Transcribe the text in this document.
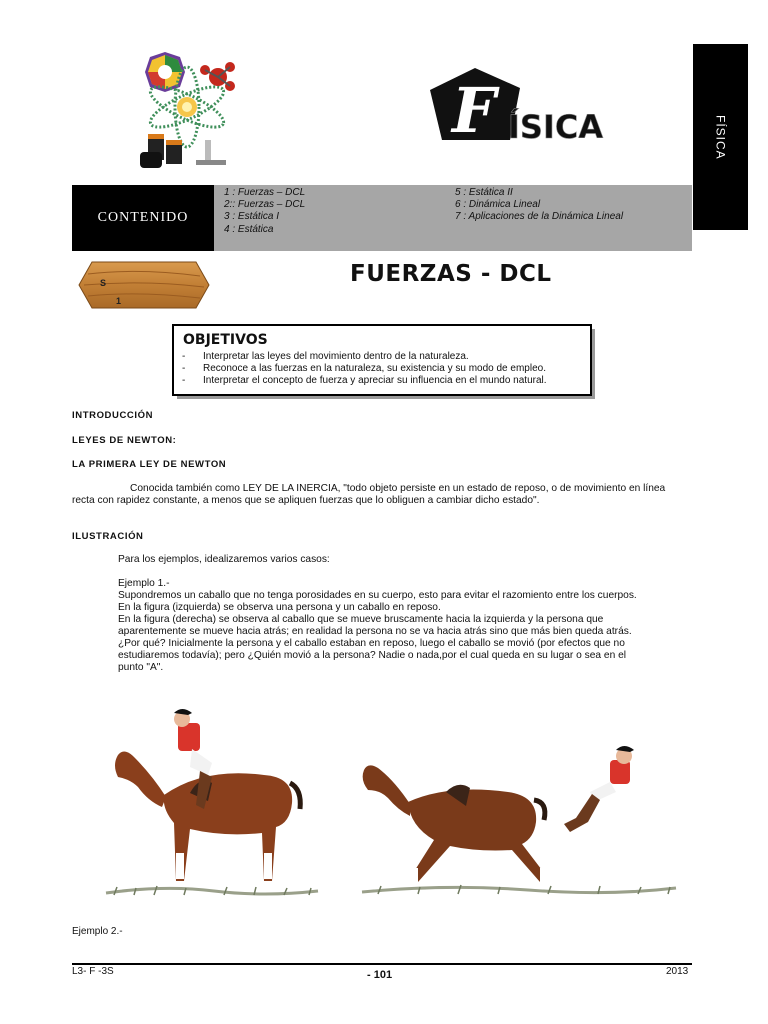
FÍSICA
F ÍSICA
CONTENIDO
1 : Fuerzas – DCL
2:: Fuerzas – DCL
3 : Estática I
4 : Estática
5 : Estática II
6 : Dinámica Lineal
7 : Aplicaciones de la Dinámica Lineal
S
1
FUERZAS - DCL
OBJETIVOS
- Interpretar las leyes del movimiento dentro de la naturaleza.
- Reconoce a las fuerzas en la naturaleza, su existencia y su modo de empleo.
- Interpretar el concepto de fuerza y apreciar su influencia en el mundo natural.
INTRODUCCIÓN
LEYES DE NEWTON:
LA PRIMERA LEY DE NEWTON
Conocida también como LEY DE LA INERCIA, "todo objeto persiste en un estado de reposo, o de movimiento en línea recta con rapidez constante, a menos que se apliquen fuerzas que lo obliguen a cambiar dicho estado".
ILUSTRACIÓN
Para los ejemplos, idealizaremos varios casos:
Ejemplo 1.-
Supondremos un caballo que no tenga porosidades en su cuerpo, esto para evitar el razomiento entre los cuerpos.
En la figura (izquierda) se observa una persona y un caballo en reposo.
En la figura (derecha) se observa al caballo que se mueve bruscamente hacia la izquierda y la persona que
aparentemente se mueve hacia atrás; en realidad la persona no se va hacia atrás sino que más bien queda atrás.
¿Por qué? Inicialmente la persona y el caballo estaban en reposo, luego el caballo se movió (por efectos que no
estudiaremos todavía); pero ¿Quién movió a la persona? Nadie o nada,por el cual queda en su lugar o sea en el
punto "A".
Ejemplo 2.-
L3- F -3S	- 101	2013
